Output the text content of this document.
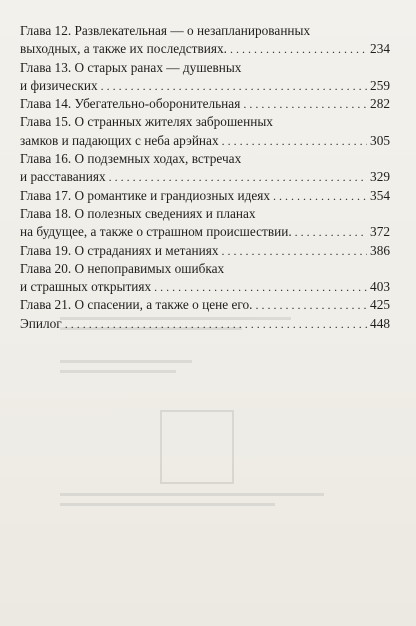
Глава 12. Развлекательная — о незапланированных
выходных, а также их последствиях. . . .	234
Глава 13. О старых ранах — душевных
и физических . . .	259
Глава 14. Убегательно-оборонительная . . .	282
Глава 15. О странных жителях заброшенных
замков и падающих с неба арэйнах . . .	305
Глава 16. О подземных ходах, встречах
и расставаниях . . .	329
Глава 17. О романтике и грандиозных идеях . . .	354
Глава 18. О полезных сведениях и планах
на будущее, а также о страшном происшествии. . . .	372
Глава 19. О страданиях и метаниях . . .	386
Глава 20. О непоправимых ошибках
и страшных открытиях . . .	403
Глава 21. О спасении, а также о цене его. . . .	425
Эпилог . . .	448
